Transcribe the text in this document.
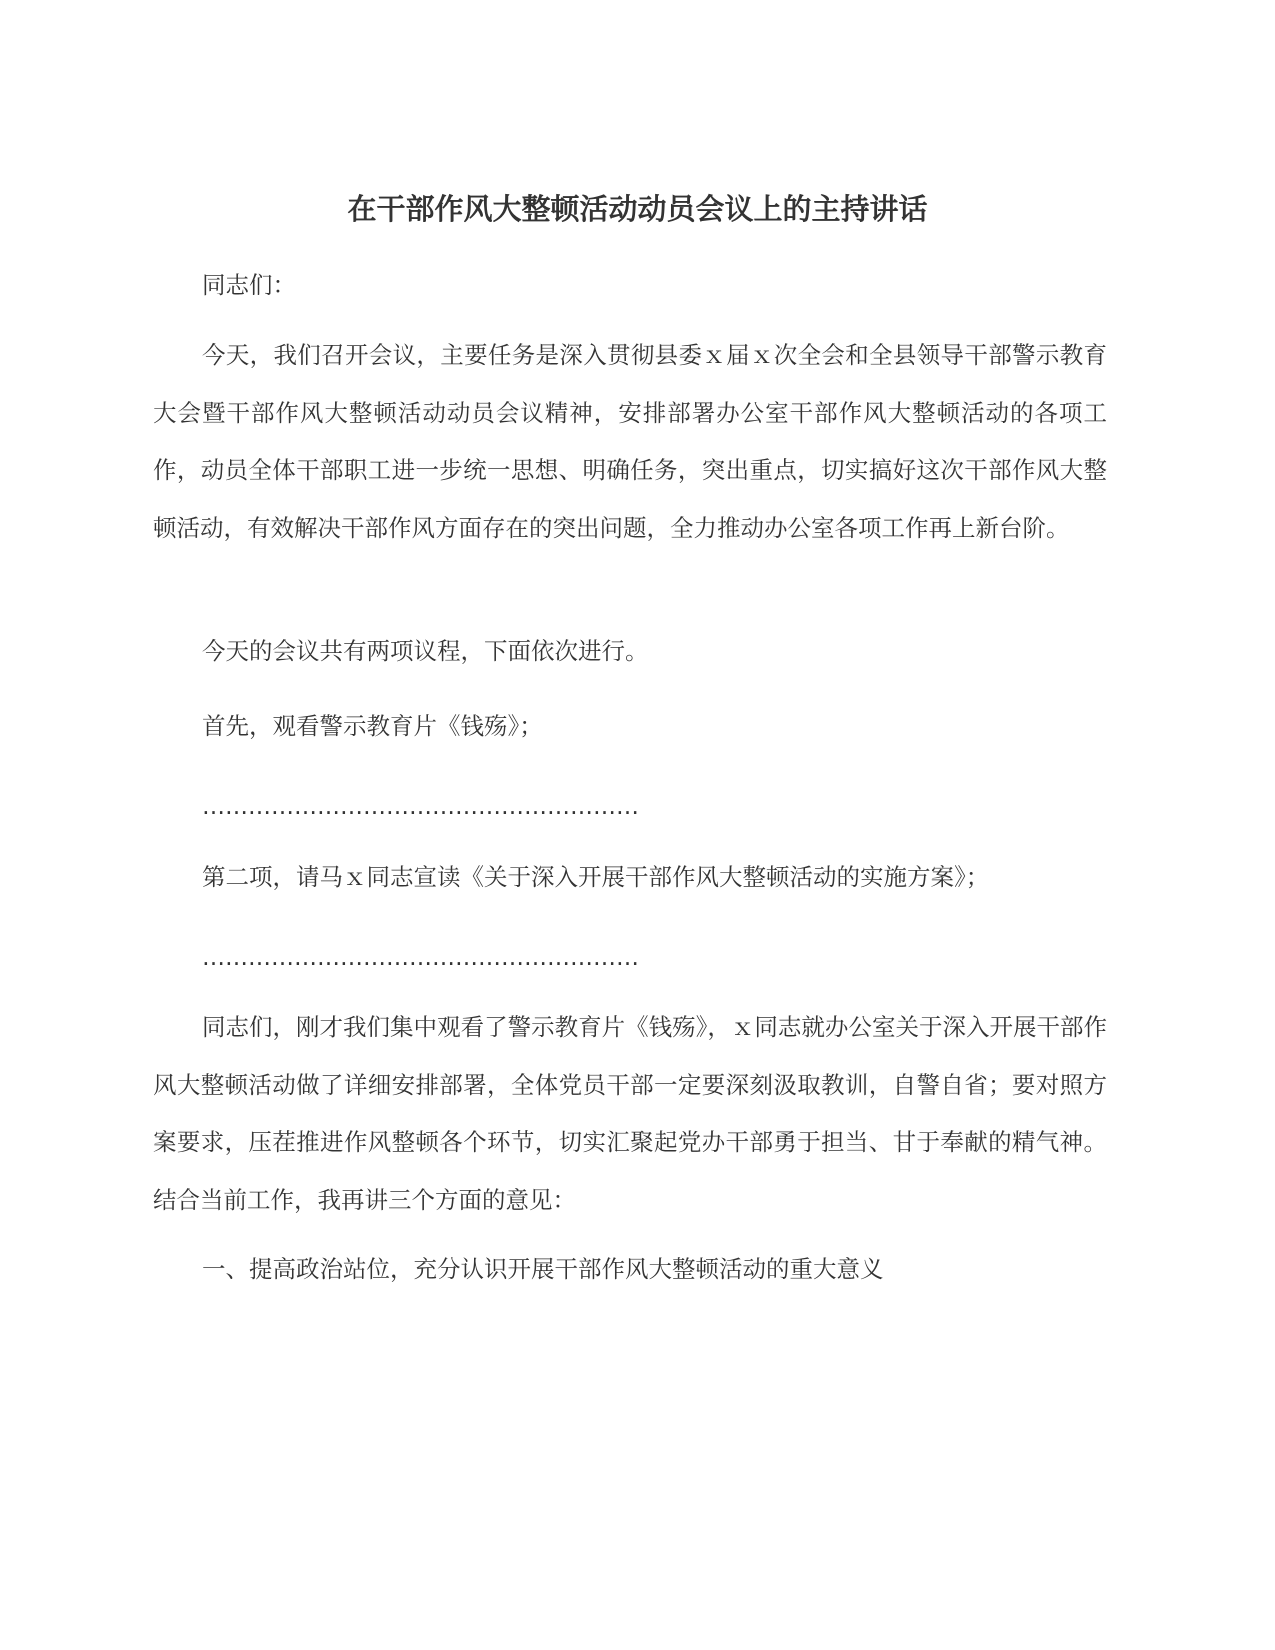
在干部作风大整顿活动动员会议上的主持讲话

同志们：

今天，我们召开会议，主要任务是深入贯彻县委ｘ届ｘ次全会和全县领导干部警示教育大会暨干部作风大整顿活动动员会议精神，安排部署办公室干部作风大整顿活动的各项工作，动员全体干部职工进一步统一思想、明确任务，突出重点，切实搞好这次干部作风大整顿活动，有效解决干部作风方面存在的突出问题，全力推动办公室各项工作再上新台阶。

今天的会议共有两项议程，下面依次进行。

首先，观看警示教育片《钱殇》；

…………………………………………………

第二项，请马ｘ同志宣读《关于深入开展干部作风大整顿活动的实施方案》；

…………………………………………………

同志们，刚才我们集中观看了警示教育片《钱殇》，ｘ同志就办公室关于深入开展干部作风大整顿活动做了详细安排部署，全体党员干部一定要深刻汲取教训，自警自省；要对照方案要求，压茬推进作风整顿各个环节，切实汇聚起党办干部勇于担当、甘于奉献的精气神。结合当前工作，我再讲三个方面的意见：

一、提高政治站位，充分认识开展干部作风大整顿活动的重大意义
